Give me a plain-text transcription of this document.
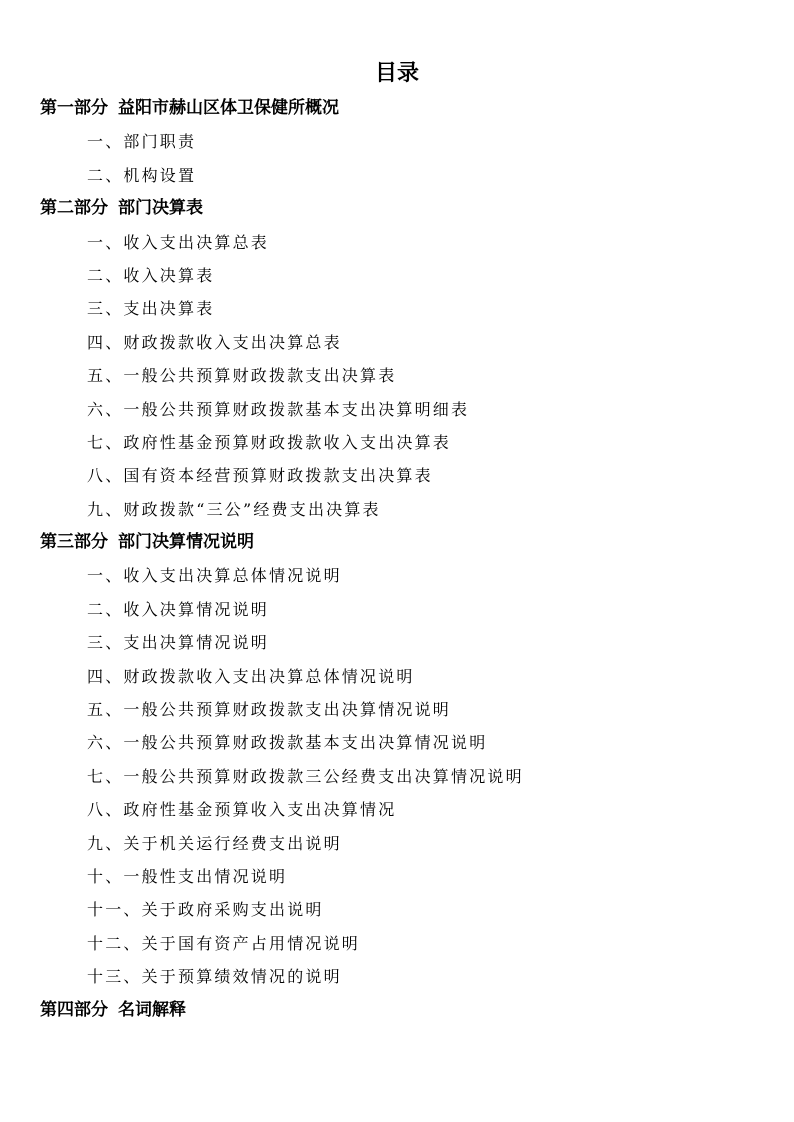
目录
第一部分 益阳市赫山区体卫保健所概况
一、部门职责
二、机构设置
第二部分 部门决算表
一、收入支出决算总表
二、收入决算表
三、支出决算表
四、财政拨款收入支出决算总表
五、一般公共预算财政拨款支出决算表
六、一般公共预算财政拨款基本支出决算明细表
七、政府性基金预算财政拨款收入支出决算表
八、国有资本经营预算财政拨款支出决算表
九、财政拨款“三公”经费支出决算表
第三部分 部门决算情况说明
一、收入支出决算总体情况说明
二、收入决算情况说明
三、支出决算情况说明
四、财政拨款收入支出决算总体情况说明
五、一般公共预算财政拨款支出决算情况说明
六、一般公共预算财政拨款基本支出决算情况说明
七、一般公共预算财政拨款三公经费支出决算情况说明
八、政府性基金预算收入支出决算情况
九、关于机关运行经费支出说明
十、一般性支出情况说明
十一、关于政府采购支出说明
十二、关于国有资产占用情况说明
十三、关于预算绩效情况的说明
第四部分 名词解释
